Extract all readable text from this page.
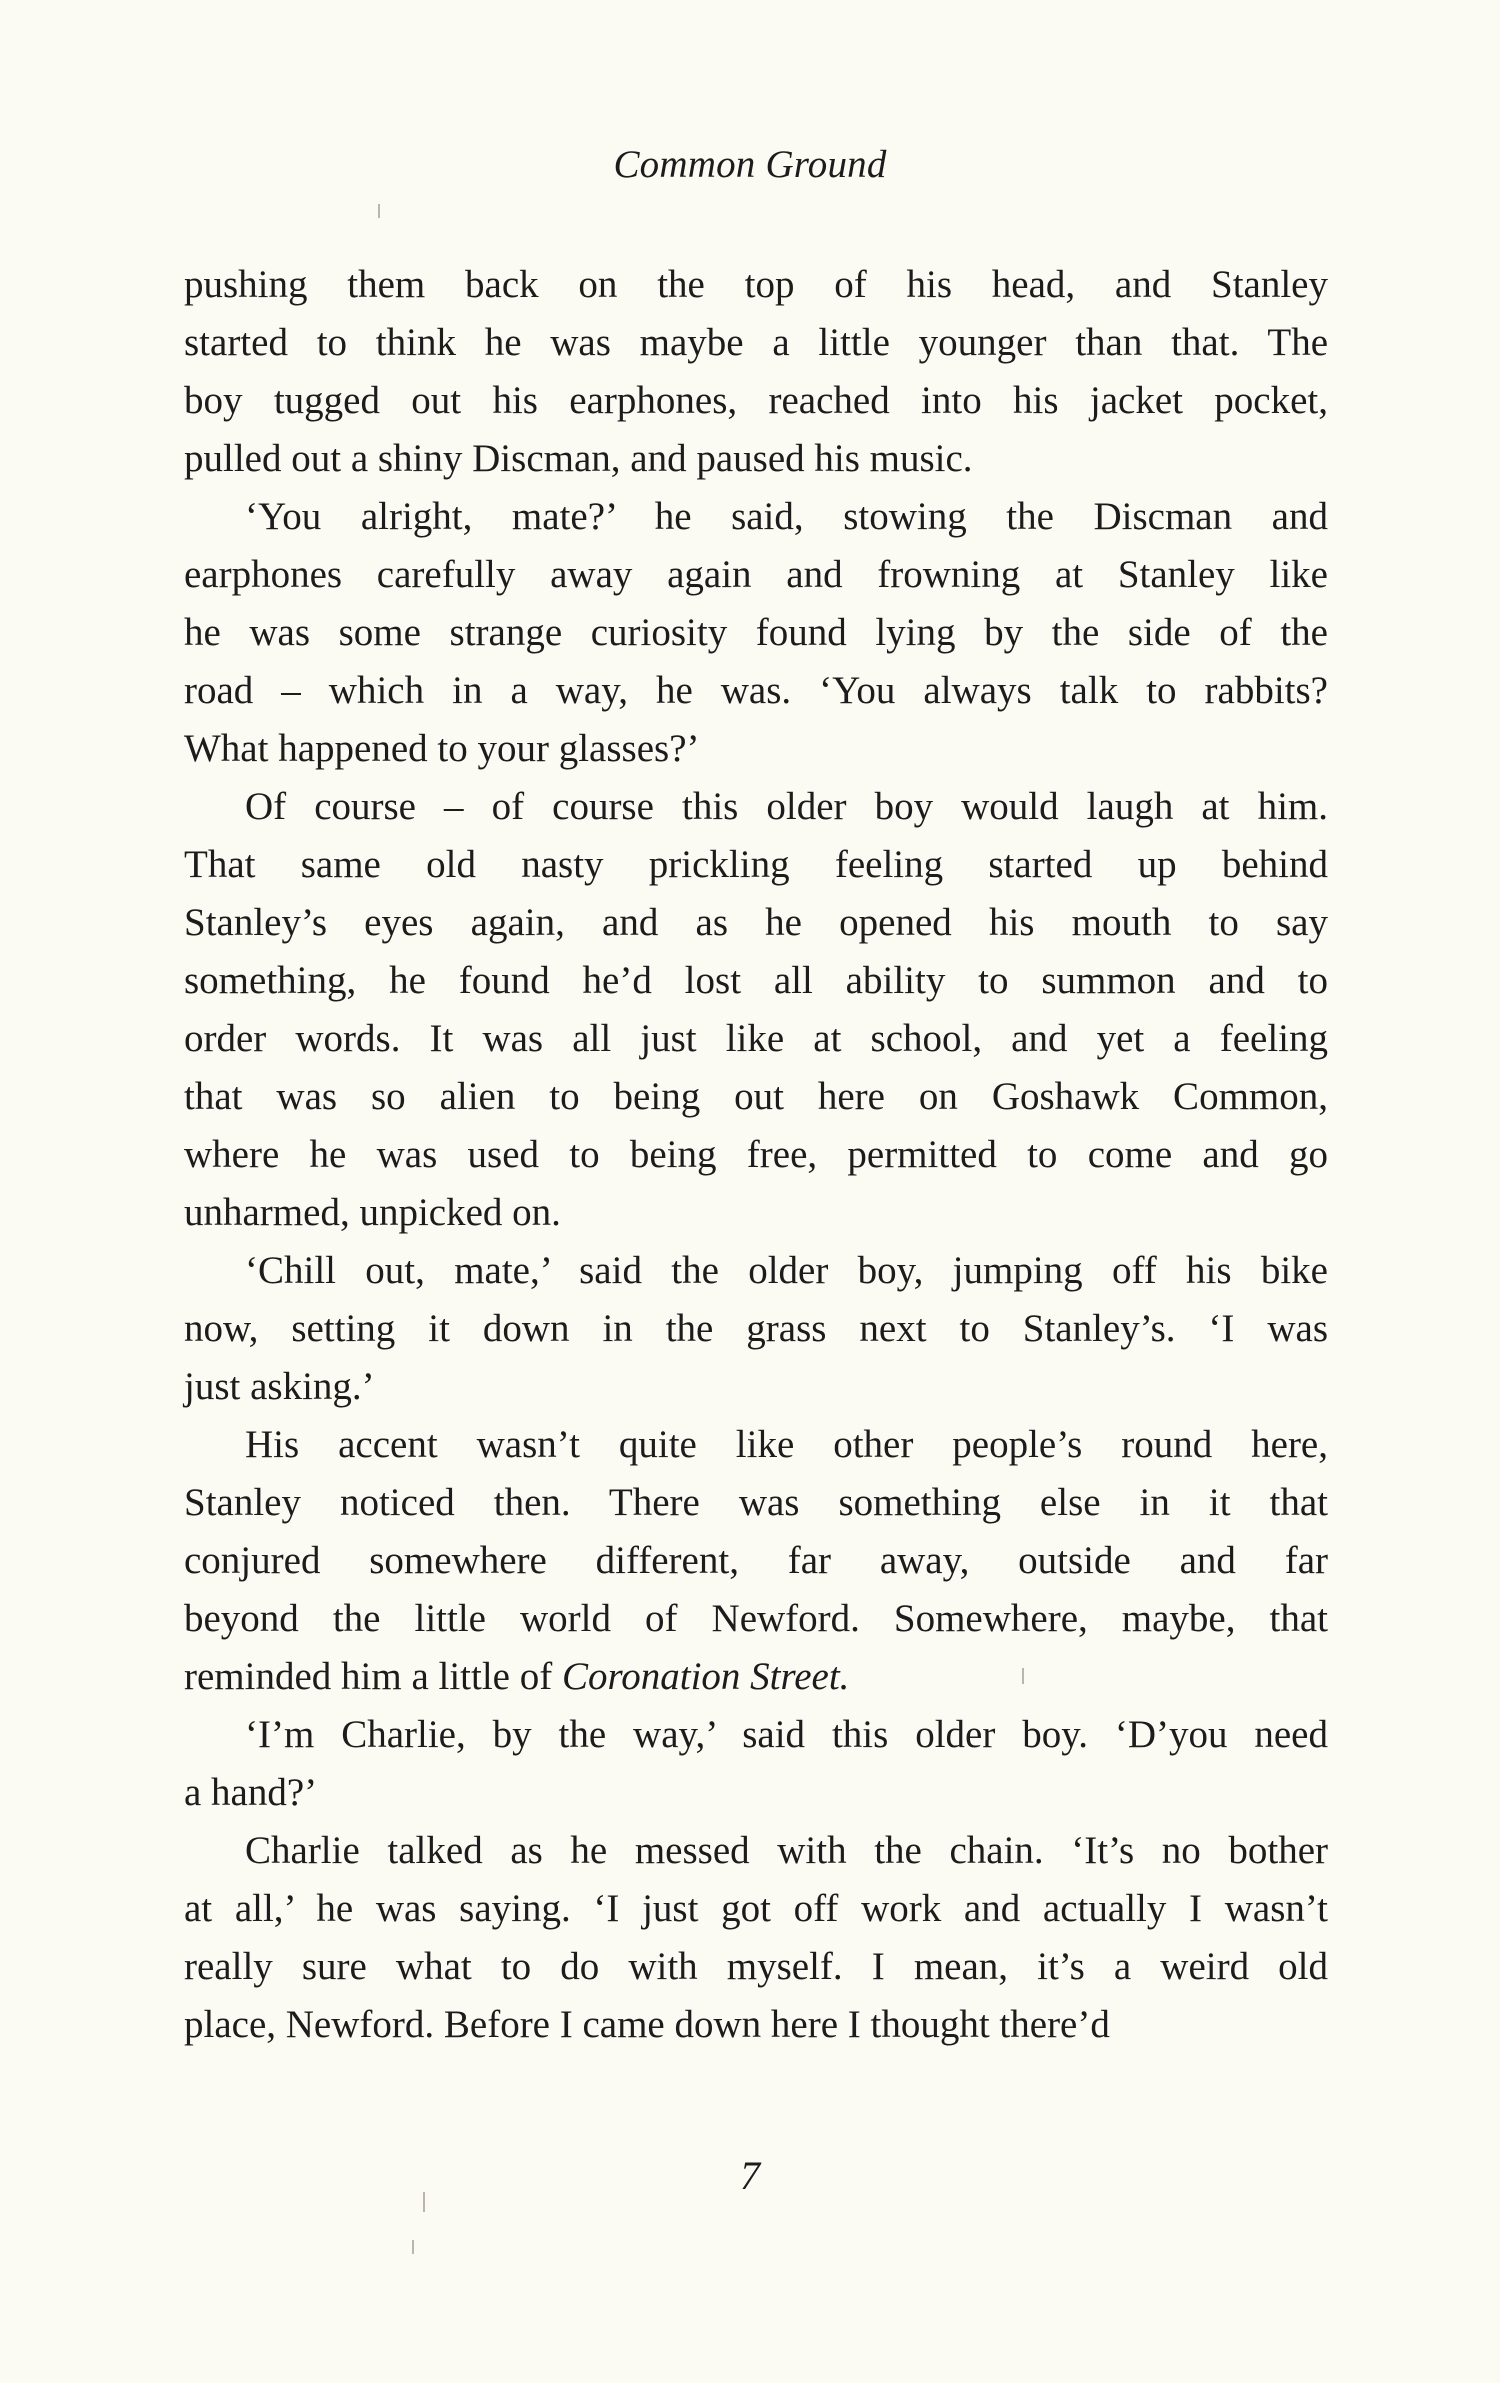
Common Ground
pushing them back on the top of his head, and Stanley
started to think he was maybe a little younger than that. The
boy tugged out his earphones, reached into his jacket pocket,
pulled out a shiny Discman, and paused his music.
‘You alright, mate?’ he said, stowing the Discman and
earphones carefully away again and frowning at Stanley like
he was some strange curiosity found lying by the side of the
road – which in a way, he was. ‘You always talk to rabbits?
What happened to your glasses?’
Of course – of course this older boy would laugh at him.
That same old nasty prickling feeling started up behind
Stanley’s eyes again, and as he opened his mouth to say
something, he found he’d lost all ability to summon and to
order words. It was all just like at school, and yet a feeling
that was so alien to being out here on Goshawk Common,
where he was used to being free, permitted to come and go
unharmed, unpicked on.
‘Chill out, mate,’ said the older boy, jumping off his bike
now, setting it down in the grass next to Stanley’s. ‘I was
just asking.’
His accent wasn’t quite like other people’s round here,
Stanley noticed then. There was something else in it that
conjured somewhere different, far away, outside and far
beyond the little world of Newford. Somewhere, maybe, that
reminded him a little of Coronation Street.
‘I’m Charlie, by the way,’ said this older boy. ‘D’you need
a hand?’
Charlie talked as he messed with the chain. ‘It’s no bother
at all,’ he was saying. ‘I just got off work and actually I wasn’t
really sure what to do with myself. I mean, it’s a weird old
place, Newford. Before I came down here I thought there’d
7
